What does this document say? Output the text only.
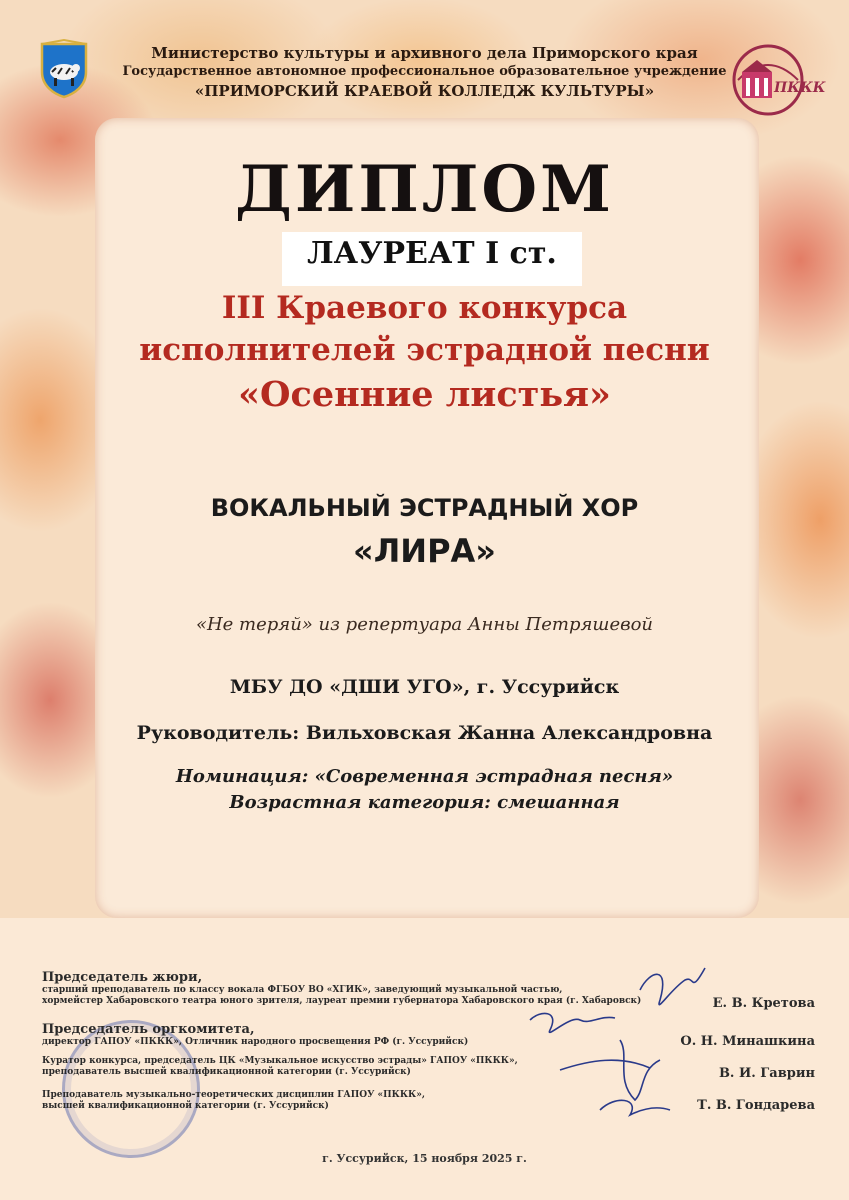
ПККК
Министерство культуры и архивного дела Приморского края
Государственное автономное профессиональное образовательное учреждение
«ПРИМОРСКИЙ КРАЕВОЙ КОЛЛЕДЖ КУЛЬТУРЫ»
ДИПЛОМ
ЛАУРЕАТ I ст.
III Краевого конкурса
исполнителей эстрадной песни
«Осенние листья»
ВОКАЛЬНЫЙ ЭСТРАДНЫЙ ХОР
«ЛИРА»
«Не теряй» из репертуара Анны Петряшевой
МБУ ДО «ДШИ УГО», г. Уссурийск
Руководитель: Вильховская Жанна Александровна
Номинация: «Современная эстрадная песня»
Возрастная категория: смешанная
Председатель жюри,
старший преподаватель по классу вокала ФГБОУ ВО «ХГИК», заведующий музыкальной частью,
хормейстер Хабаровского театра юного зрителя, лауреат премии губернатора Хабаровского края (г. Хабаровск)
Председатель оргкомитета,
директор ГАПОУ «ПККК», Отличник народного просвещения РФ (г. Уссурийск)
Куратор конкурса, председатель ЦК «Музыкальное искусство эстрады» ГАПОУ «ПККК»,
преподаватель высшей квалификационной категории (г. Уссурийск)
Преподаватель музыкально-теоретических дисциплин ГАПОУ «ПККК»,
высшей квалификационной категории (г. Уссурийск)
Е. В. Кретова
О. Н. Минашкина
В. И. Гаврин
Т. В. Гондарева
г. Уссурийск, 15 ноября 2025 г.
